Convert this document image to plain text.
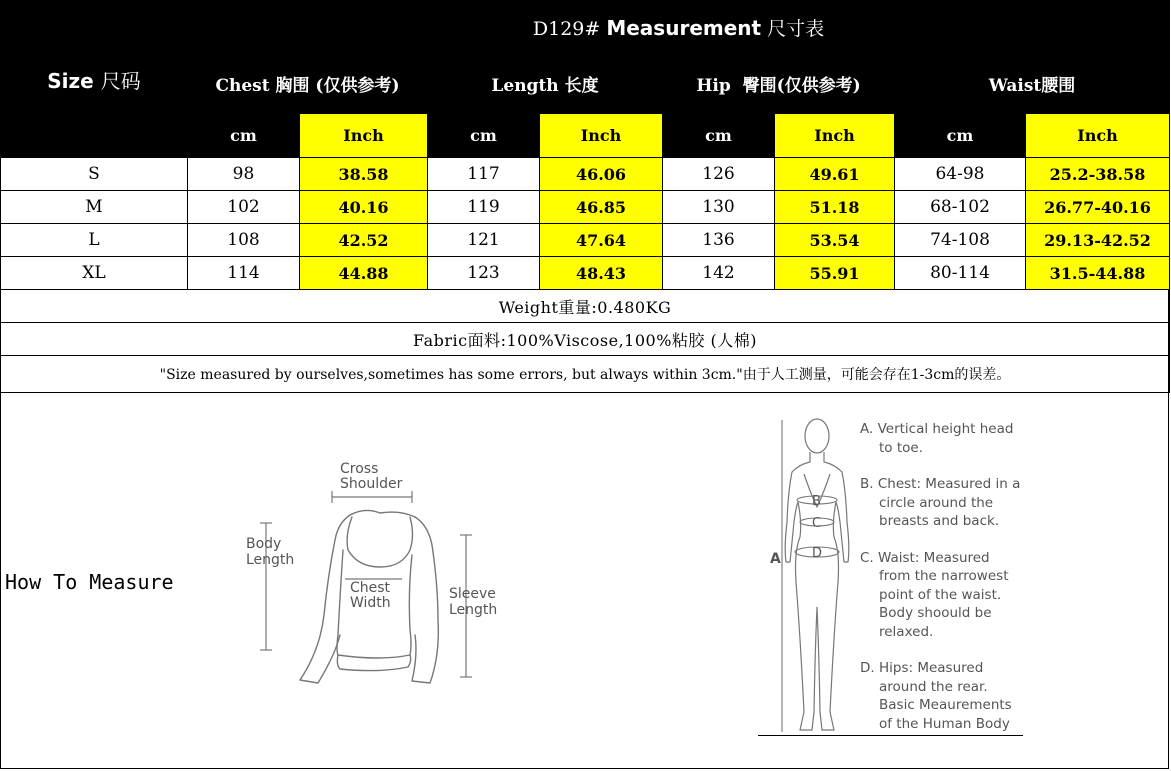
Size 尺码	D129# Measurement 尺寸表							
	Chest 胸围 (仅供参考)		Length 长度		Hip  臀围(仅供参考)		Waist腰围	
	cm	Inch	cm	Inch	cm	Inch	cm	Inch
S	98	38.58	117	46.06	126	49.61	64-98	25.2-38.58
M	102	40.16	119	46.85	130	51.18	68-102	26.77-40.16
L	108	42.52	121	47.64	136	53.54	74-108	29.13-42.52
XL	114	44.88	123	48.43	142	55.91	80-114	31.5-44.88
Weight重量:0.480KG								
Fabric面料:100%Viscose,100%粘胶 (人棉)								
"Size measured by ourselves,sometimes has some errors, but always within 3cm."由于人工测量，可能会存在1-3cm的误差。								
How To Measure
Cross
Shoulder
Body
Length
Chest
Width
Sleeve
Length
A
B
C
D
A. Vertical height head
to toe.
B. Chest: Measured in a
circle around the
breasts and back.
C. Waist: Measured
from the narrowest
point of the waist.
Body shoould be
relaxed.
D. Hips: Measured
around the rear.
Basic Meaurements
of the Human Body
